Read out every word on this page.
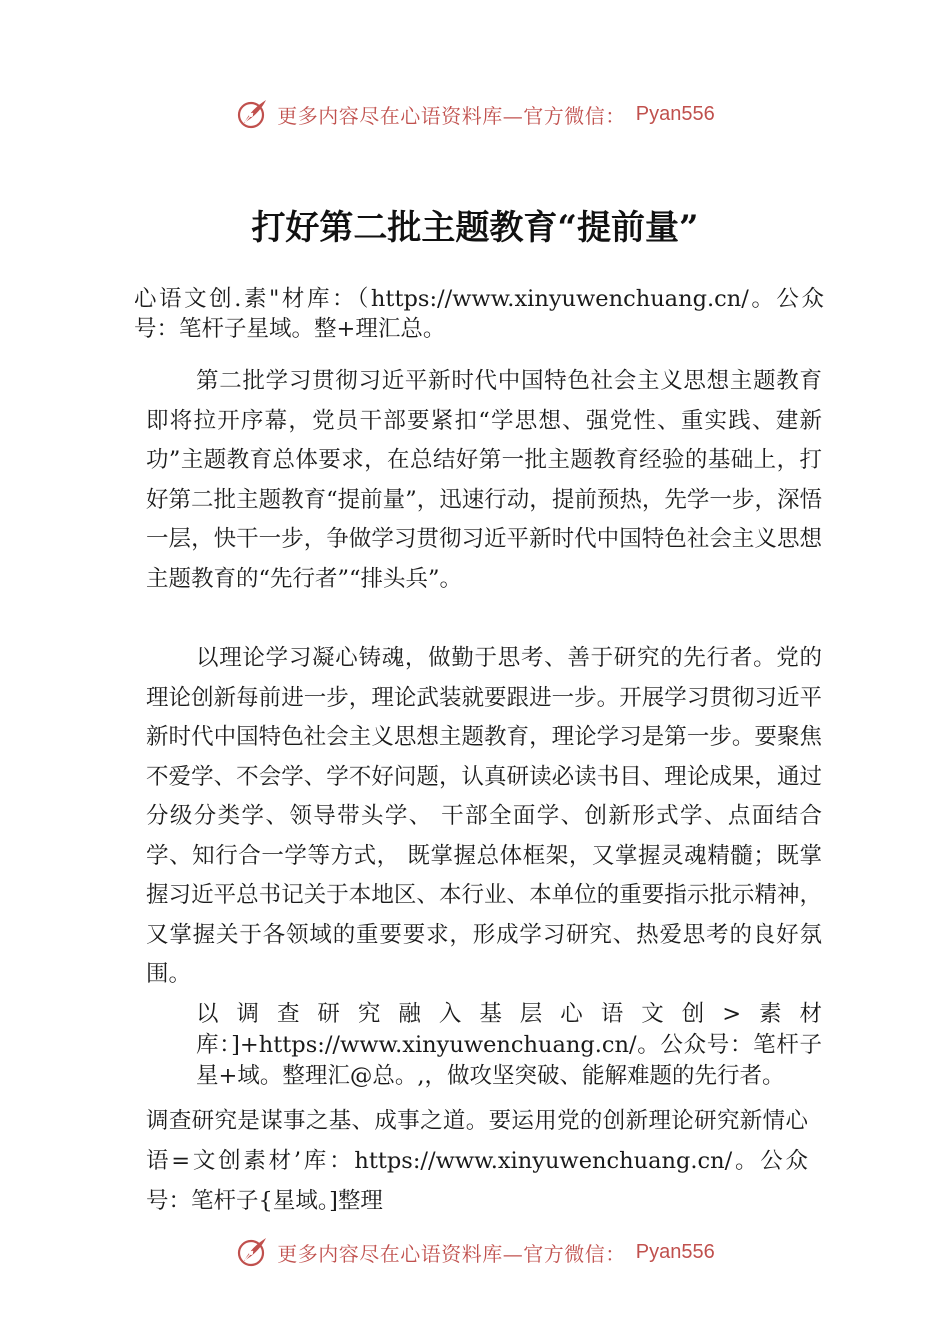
更多内容尽在心语资料库—官方微信： Pyan556
打好第二批主题教育“提前量”

心语文创.素"材库：（https://www.xinyuwenchuang.cn/。公众号：笔杆子星域。整+理汇总。

第二批学习贯彻习近平新时代中国特色社会主义思想主题教育即将拉开序幕，党员干部要紧扣“学思想、强党性、重实践、建新功”主题教育总体要求，在总结好第一批主题教育经验的基础上，打好第二批主题教育“提前量”，迅速行动，提前预热，先学一步，深悟一层，快干一步，争做学习贯彻习近平新时代中国特色社会主义思想主题教育的“先行者”“排头兵”。

以理论学习凝心铸魂，做勤于思考、善于研究的先行者。党的理论创新每前进一步，理论武装就要跟进一步。开展学习贯彻习近平新时代中国特色社会主义思想主题教育，理论学习是第一步。要聚焦不爱学、不会学、学不好问题，认真研读必读书目、理论成果，通过分级分类学、领导带头学、 干部全面学、创新形式学、点面结合学、知行合一学等方式， 既掌握总体框架，又掌握灵魂精髓；既掌握习近平总书记关于本地区、本行业、本单位的重要指示批示精神，又掌握关于各领域的重要要求，形成学习研究、热爱思考的良好氛围。

以调查研究融入基层心语文创>素材库：]+https://www.xinyuwenchuang.cn/。公众号：笔杆子星+域。整理汇@总。,，做攻坚突破、能解难题的先行者。

调查研究是谋事之基、成事之道。要运用党的创新理论研究新情心语=文创素材’库：https://www.xinyuwenchuang.cn/。公众号：笔杆子{星域。]整理

更多内容尽在心语资料库—官方微信： Pyan556
